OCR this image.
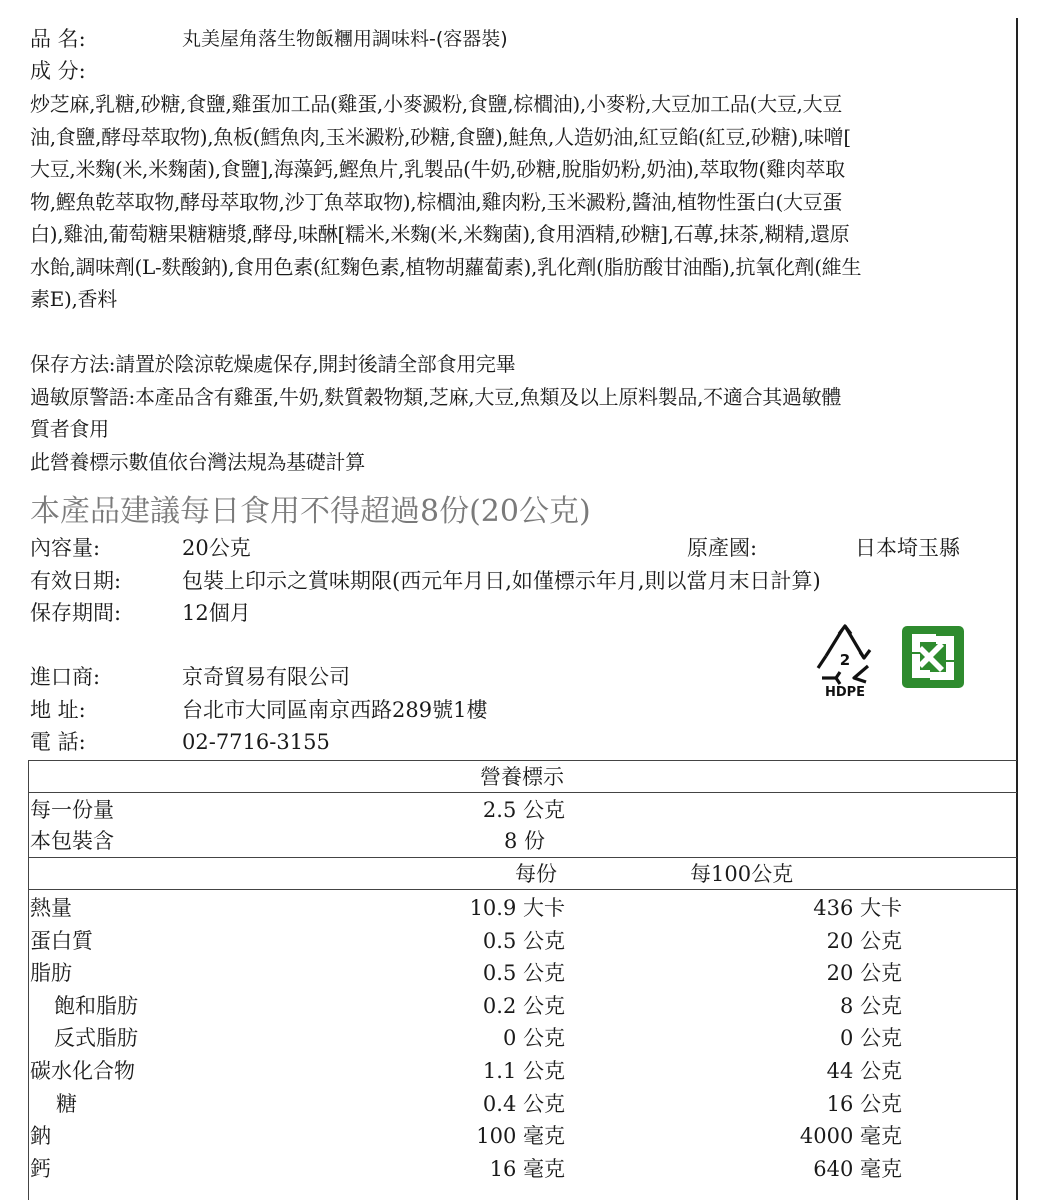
品 名:	丸美屋角落生物飯糰用調味料-(容器裝)
成 分:
炒芝麻,乳糖,砂糖,食鹽,雞蛋加工品(雞蛋,小麥澱粉,食鹽,棕櫚油),小麥粉,大豆加工品(大豆,大豆
油,食鹽,酵母萃取物),魚板(鱈魚肉,玉米澱粉,砂糖,食鹽),鮭魚,人造奶油,紅豆餡(紅豆,砂糖),味噌[
大豆,米麴(米,米麴菌),食鹽],海藻鈣,鰹魚片,乳製品(牛奶,砂糖,脫脂奶粉,奶油),萃取物(雞肉萃取
物,鰹魚乾萃取物,酵母萃取物,沙丁魚萃取物),棕櫚油,雞肉粉,玉米澱粉,醬油,植物性蛋白(大豆蛋
白),雞油,葡萄糖果糖糖漿,酵母,味醂[糯米,米麴(米,米麴菌),食用酒精,砂糖],石蓴,抹茶,糊精,還原
水飴,調味劑(L-麩酸鈉),食用色素(紅麴色素,植物胡蘿蔔素),乳化劑(脂肪酸甘油酯),抗氧化劑(維生
素E),香料
保存方法:請置於陰涼乾燥處保存,開封後請全部食用完畢
過敏原警語:本產品含有雞蛋,牛奶,麩質穀物類,芝麻,大豆,魚類及以上原料製品,不適合其過敏體
質者食用
此營養標示數值依台灣法規為基礎計算
本產品建議每日食用不得超過8份(20公克)
內容量:	20公克	原產國:	日本埼玉縣
有效日期:	包裝上印示之賞味期限(西元年月日,如僅標示年月,則以當月末日計算)
保存期間:	12個月
進口商:	京奇貿易有限公司
地 址:	台北市大同區南京西路289號1樓
電 話:	02-7716-3155
2
HDPE
營養標示
每一份量	2.5 公克
本包裝含	8 份
每份	每100公克
熱量	10.9 大卡	436 大卡
蛋白質	0.5 公克	20 公克
脂肪	0.5 公克	20 公克
飽和脂肪	0.2 公克	8 公克
反式脂肪	0 公克	0 公克
碳水化合物	1.1 公克	44 公克
糖	0.4 公克	16 公克
鈉	100 毫克	4000 毫克
鈣	16 毫克	640 毫克
